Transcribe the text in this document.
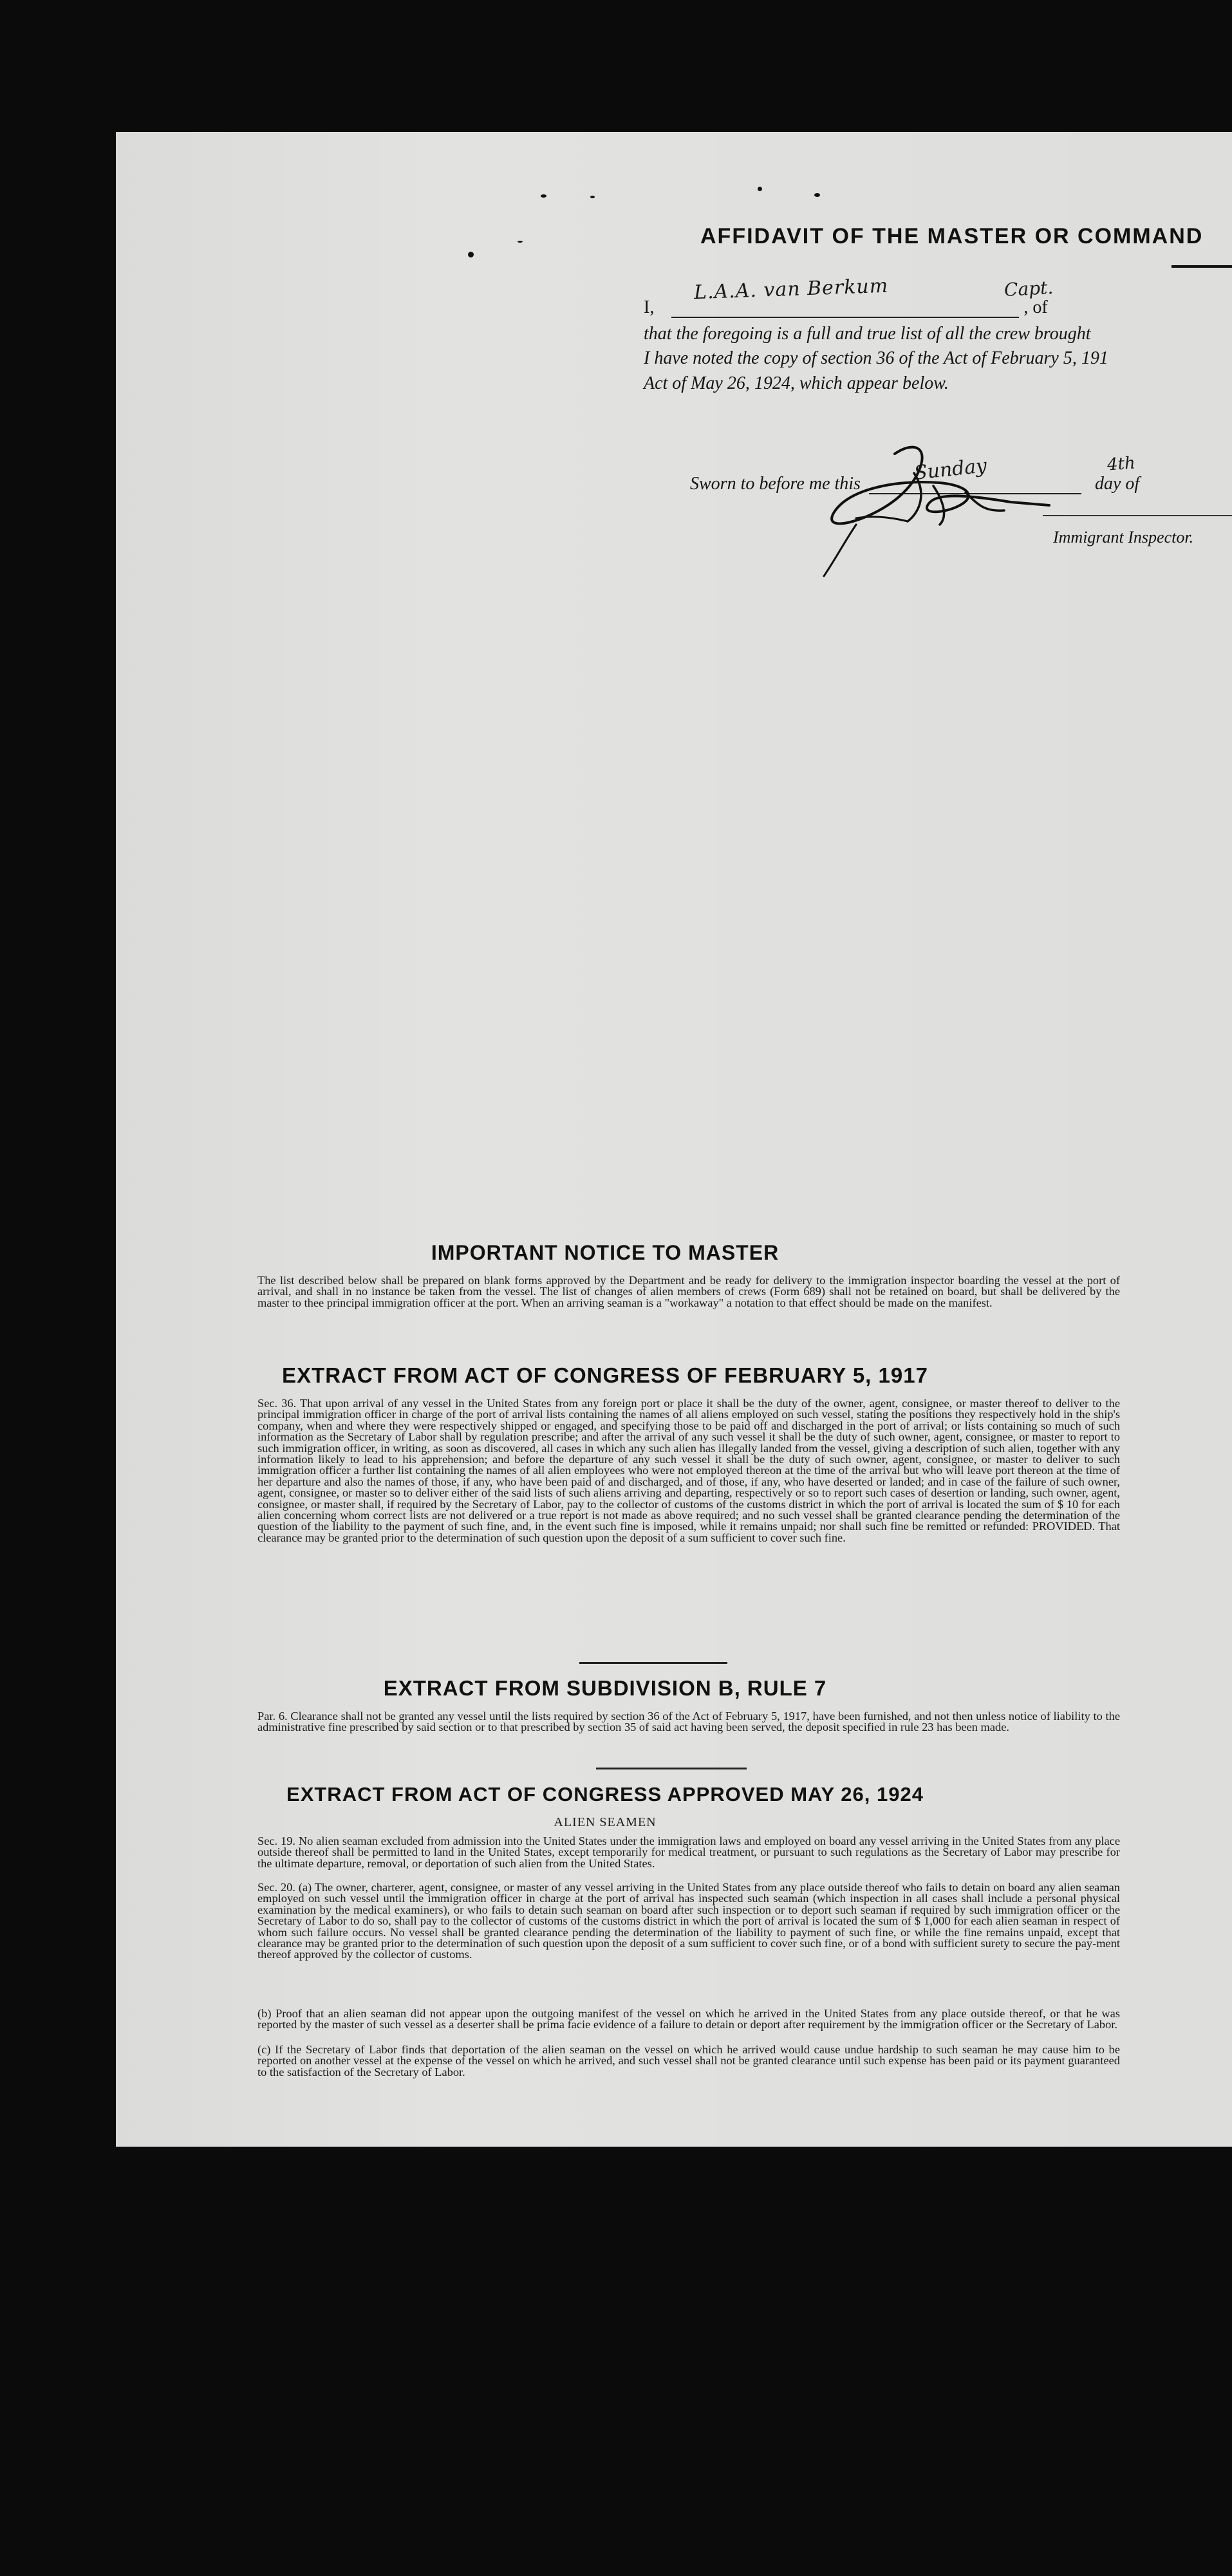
AFFIDAVIT OF THE MASTER OR COMMAND
I,	, of
L.A.A. van Berkum	Capt.
that the foregoing is a full and true list of all the crew brought
I have noted the copy of section 36 of the Act of February 5, 191
Act of May 26, 1924, which appear below.
Sworn to before me this	day of
Sunday	4th
Immigrant Inspector.
IMPORTANT NOTICE TO MASTER
The list described below shall be prepared on blank forms approved by the Department and be ready for delivery to the immigration inspector boarding the vessel at the port of arrival, and shall in no instance be taken from the vessel. The list of changes of alien members of crews (Form 689) shall not be retained on board, but shall be delivered by the master to thee principal immigration officer at the port. When an arriving seaman is a "workaway" a notation to that effect should be made on the manifest.
EXTRACT FROM ACT OF CONGRESS OF FEBRUARY 5, 1917
Sec. 36. That upon arrival of any vessel in the United States from any foreign port or place it shall be the duty of the owner, agent, consignee, or master thereof to deliver to the principal immigration officer in charge of the port of arrival lists containing the names of all aliens employed on such vessel, stating the positions they respectively hold in the ship's company, when and where they were respectively shipped or engaged, and specifying those to be paid off and discharged in the port of arrival; or lists containing so much of such information as the Secretary of Labor shall by regulation prescribe; and after the arrival of any such vessel it shall be the duty of such owner, agent, consignee, or master to report to such immigration officer, in writing, as soon as discovered, all cases in which any such alien has illegally landed from the vessel, giving a description of such alien, together with any information likely to lead to his apprehension; and before the departure of any such vessel it shall be the duty of such owner, agent, consignee, or master to deliver to such immigration officer a further list containing the names of all alien employees who were not employed thereon at the time of the arrival but who will leave port thereon at the time of her departure and also the names of those, if any, who have been paid of and discharged, and of those, if any, who have deserted or landed; and in case of the failure of such owner, agent, consignee, or master so to deliver either of the said lists of such aliens arriving and departing, respectively or so to report such cases of desertion or landing, such owner, agent, consignee, or master shall, if required by the Secretary of Labor, pay to the collector of customs of the customs district in which the port of arrival is located the sum of $ 10 for each alien concerning whom correct lists are not delivered or a true report is not made as above required; and no such vessel shall be granted clearance pending the determination of the question of the liability to the payment of such fine, and, in the event such fine is imposed, while it remains unpaid; nor shall such fine be remitted or refunded: PROVIDED. That clearance may be granted prior to the determination of such question upon the deposit of a sum sufficient to cover such fine.
EXTRACT FROM SUBDIVISION B, RULE 7
Par. 6. Clearance shall not be granted any vessel until the lists required by section 36 of the Act of February 5, 1917, have been furnished, and not then unless notice of liability to the administrative fine prescribed by said section or to that prescribed by section 35 of said act having been served, the deposit specified in rule 23 has been made.
EXTRACT FROM ACT OF CONGRESS APPROVED MAY 26, 1924
ALIEN SEAMEN
Sec. 19. No alien seaman excluded from admission into the United States under the immigration laws and employed on board any vessel arriving in the United States from any place outside thereof shall be permitted to land in the United States, except temporarily for medical treatment, or pursuant to such regulations as the Secretary of Labor may prescribe for the ultimate departure, removal, or deportation of such alien from the United States.
Sec. 20. (a) The owner, charterer, agent, consignee, or master of any vessel arriving in the United States from any place outside thereof who fails to detain on board any alien seaman employed on such vessel until the immigration officer in charge at the port of arrival has inspected such seaman (which inspection in all cases shall include a personal physical examination by the medical examiners), or who fails to detain such seaman on board after such inspection or to deport such seaman if required by such immigration officer or the Secretary of Labor to do so, shall pay to the collector of customs of the customs district in which the port of arrival is located the sum of $ 1,000 for each alien seaman in respect of whom such failure occurs. No vessel shall be granted clearance pending the determination of the liability to payment of such fine, or while the fine remains unpaid, except that clearance may be granted prior to the determination of such question upon the deposit of a sum sufficient to cover such fine, or of a bond with sufficient surety to secure the pay-ment thereof approved by the collector of customs.
(b) Proof that an alien seaman did not appear upon the outgoing manifest of the vessel on which he arrived in the United States from any place outside thereof, or that he was reported by the master of such vessel as a deserter shall be prima facie evidence of a failure to detain or deport after requirement by the immigration officer or the Secretary of Labor.
(c) If the Secretary of Labor finds that deportation of the alien seaman on the vessel on which he arrived would cause undue hardship to such seaman he may cause him to be reported on another vessel at the expense of the vessel on which he arrived, and such vessel shall not be granted clearance until such expense has been paid or its payment guaranteed to the satisfaction of the Secretary of Labor.
